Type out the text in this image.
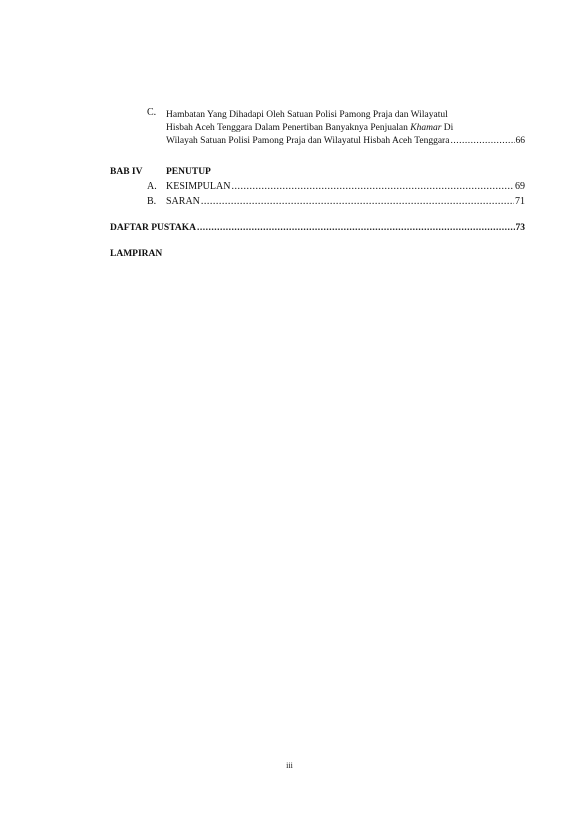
C. Hambatan Yang Dihadapi Oleh Satuan Polisi Pamong Praja dan Wilayatul
Hisbah Aceh Tenggara Dalam Penertiban Banyaknya Penjualan Khamar Di
Wilayah Satuan Polisi Pamong Praja dan Wilayatul Hisbah Aceh Tenggara .....	66
BAB IV PENUTUP
A. KESIMPULAN .....	69
B. SARAN .....	71
DAFTAR PUSTAKA .....	73
LAMPIRAN
iii
